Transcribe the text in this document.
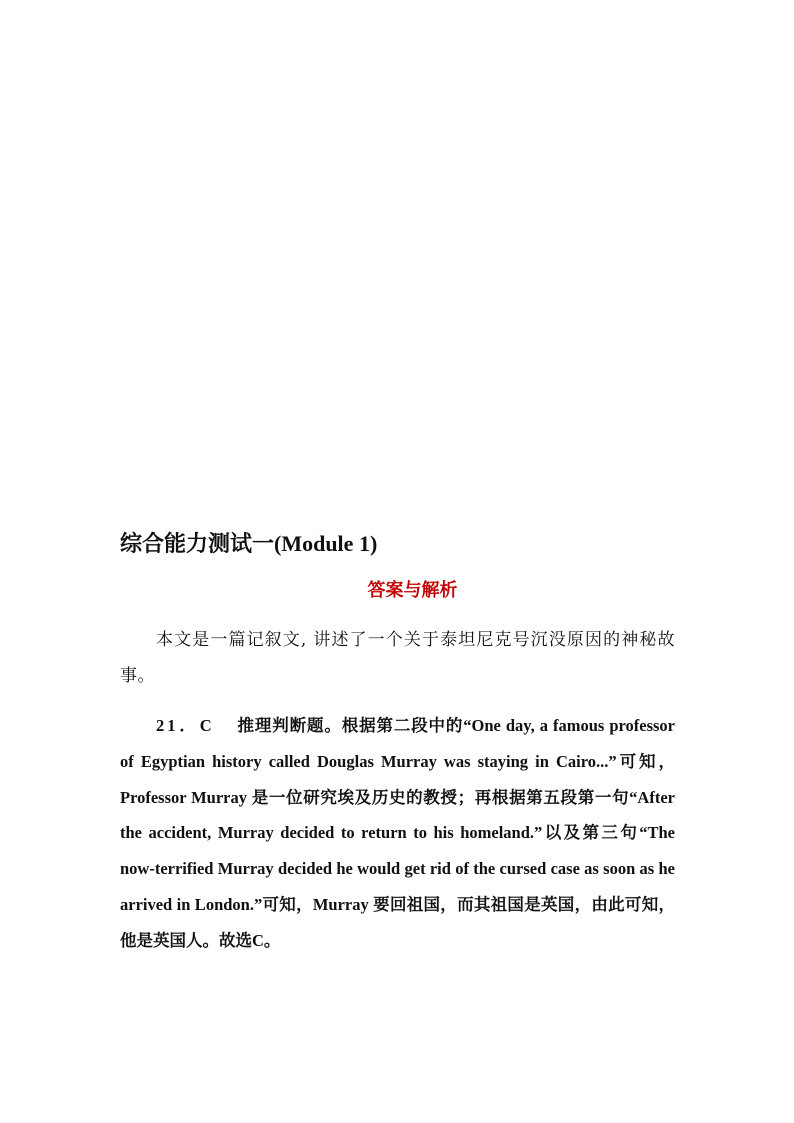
综合能力测试一(Module 1)
答案与解析

本文是一篇记叙文, 讲述了一个关于泰坦尼克号沉没原因的神秘故事。

21．C 推理判断题。根据第二段中的“One day, a famous professor of Egyptian history called Douglas Murray was staying in Cairo...”可知，Professor Murray 是一位研究埃及历史的教授；再根据第五段第一句“After the accident, Murray decided to return to his homeland.”以及第三句“The now-terrified Murray decided he would get rid of the cursed case as soon as he arrived in London.”可知，Murray 要回祖国，而其祖国是英国，由此可知，他是英国人。故选C。
